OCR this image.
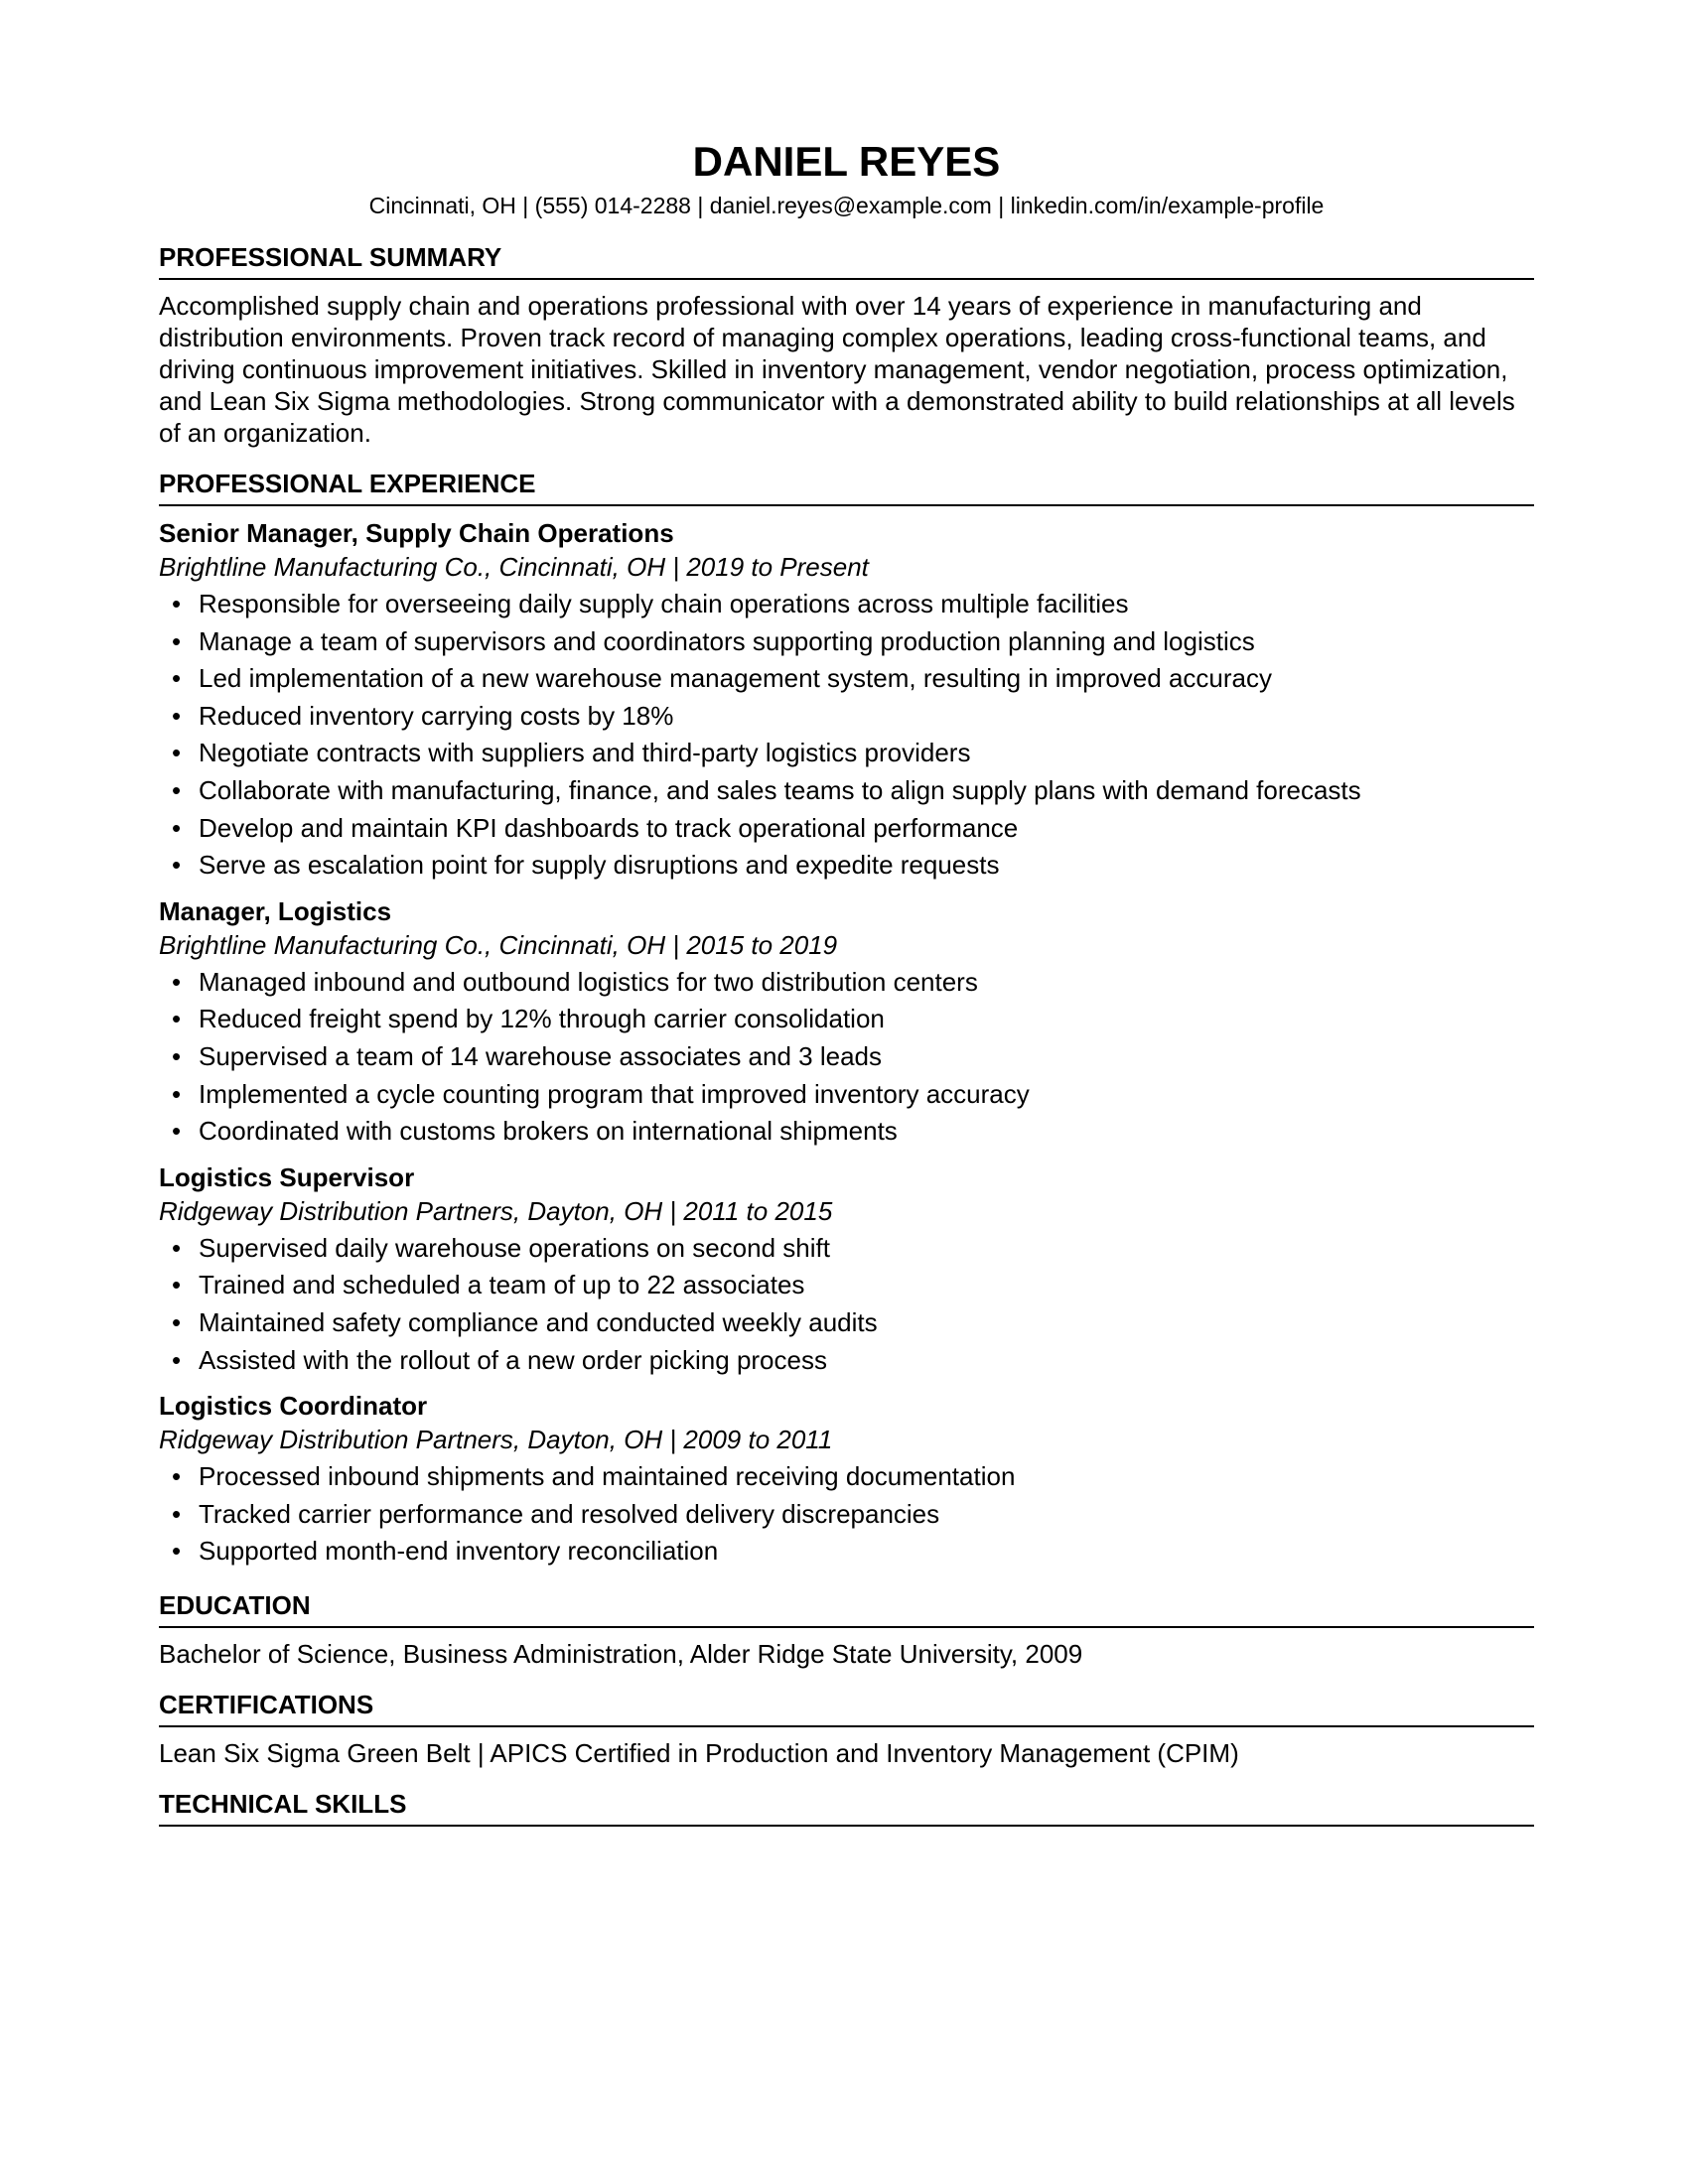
DANIEL REYES
Cincinnati, OH | (555) 014-2288 | daniel.reyes@example.com | linkedin.com/in/example-profile
PROFESSIONAL SUMMARY

Accomplished supply chain and operations professional with over 14 years of experience in manufacturing and distribution environments. Proven track record of managing complex operations, leading cross-functional teams, and driving continuous improvement initiatives. Skilled in inventory management, vendor negotiation, process optimization, and Lean Six Sigma methodologies. Strong communicator with a demonstrated ability to build relationships at all levels of an organization.

PROFESSIONAL EXPERIENCE
Senior Manager, Supply Chain Operations
Brightline Manufacturing Co., Cincinnati, OH | 2019 to Present
• Responsible for overseeing daily supply chain operations across multiple facilities
• Manage a team of supervisors and coordinators supporting production planning and logistics
• Led implementation of a new warehouse management system, resulting in improved accuracy
• Reduced inventory carrying costs by 18%
• Negotiate contracts with suppliers and third-party logistics providers
• Collaborate with manufacturing, finance, and sales teams to align supply plans with demand forecasts
• Develop and maintain KPI dashboards to track operational performance
• Serve as escalation point for supply disruptions and expedite requests
Manager, Logistics
Brightline Manufacturing Co., Cincinnati, OH | 2015 to 2019
• Managed inbound and outbound logistics for two distribution centers
• Reduced freight spend by 12% through carrier consolidation
• Supervised a team of 14 warehouse associates and 3 leads
• Implemented a cycle counting program that improved inventory accuracy
• Coordinated with customs brokers on international shipments
Logistics Supervisor
Ridgeway Distribution Partners, Dayton, OH | 2011 to 2015
• Supervised daily warehouse operations on second shift
• Trained and scheduled a team of up to 22 associates
• Maintained safety compliance and conducted weekly audits
• Assisted with the rollout of a new order picking process
Logistics Coordinator
Ridgeway Distribution Partners, Dayton, OH | 2009 to 2011
• Processed inbound shipments and maintained receiving documentation
• Tracked carrier performance and resolved delivery discrepancies
• Supported month-end inventory reconciliation
EDUCATION

Bachelor of Science, Business Administration, Alder Ridge State University, 2009

CERTIFICATIONS

Lean Six Sigma Green Belt | APICS Certified in Production and Inventory Management (CPIM)

TECHNICAL SKILLS
